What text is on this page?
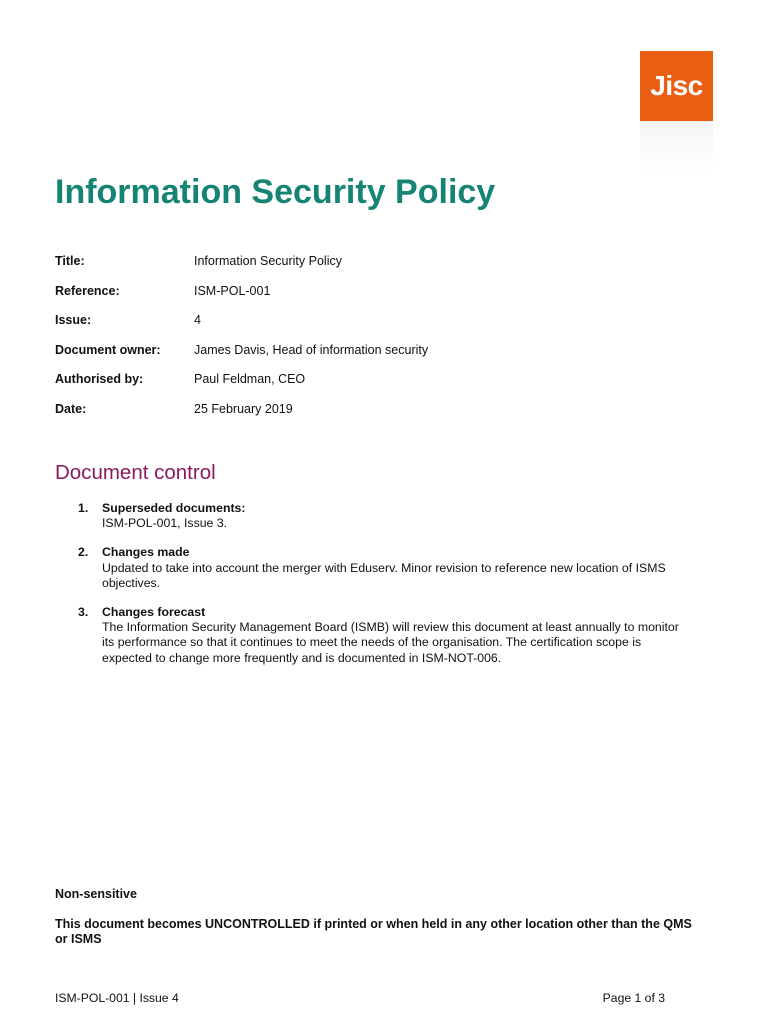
Jisc
Information Security Policy
Title:	Information Security Policy
Reference:	ISM-POL-001
Issue:	4
Document owner:	James Davis, Head of information security
Authorised by:	Paul Feldman, CEO
Date:	25 February 2019
Document control
1.	Superseded documents:
ISM-POL-001, Issue 3.
2.	Changes made
Updated to take into account the merger with Eduserv. Minor revision to reference new location of ISMS
objectives.
3.	Changes forecast
The Information Security Management Board (ISMB) will review this document at least annually to monitor
its performance so that it continues to meet the needs of the organisation. The certification scope is
expected to change more frequently and is documented in ISM-NOT-006.

Non-sensitive

This document becomes UNCONTROLLED if printed or when held in any other location other than the QMS
or ISMS
ISM-POL-001 | Issue 4	Page 1 of 3
